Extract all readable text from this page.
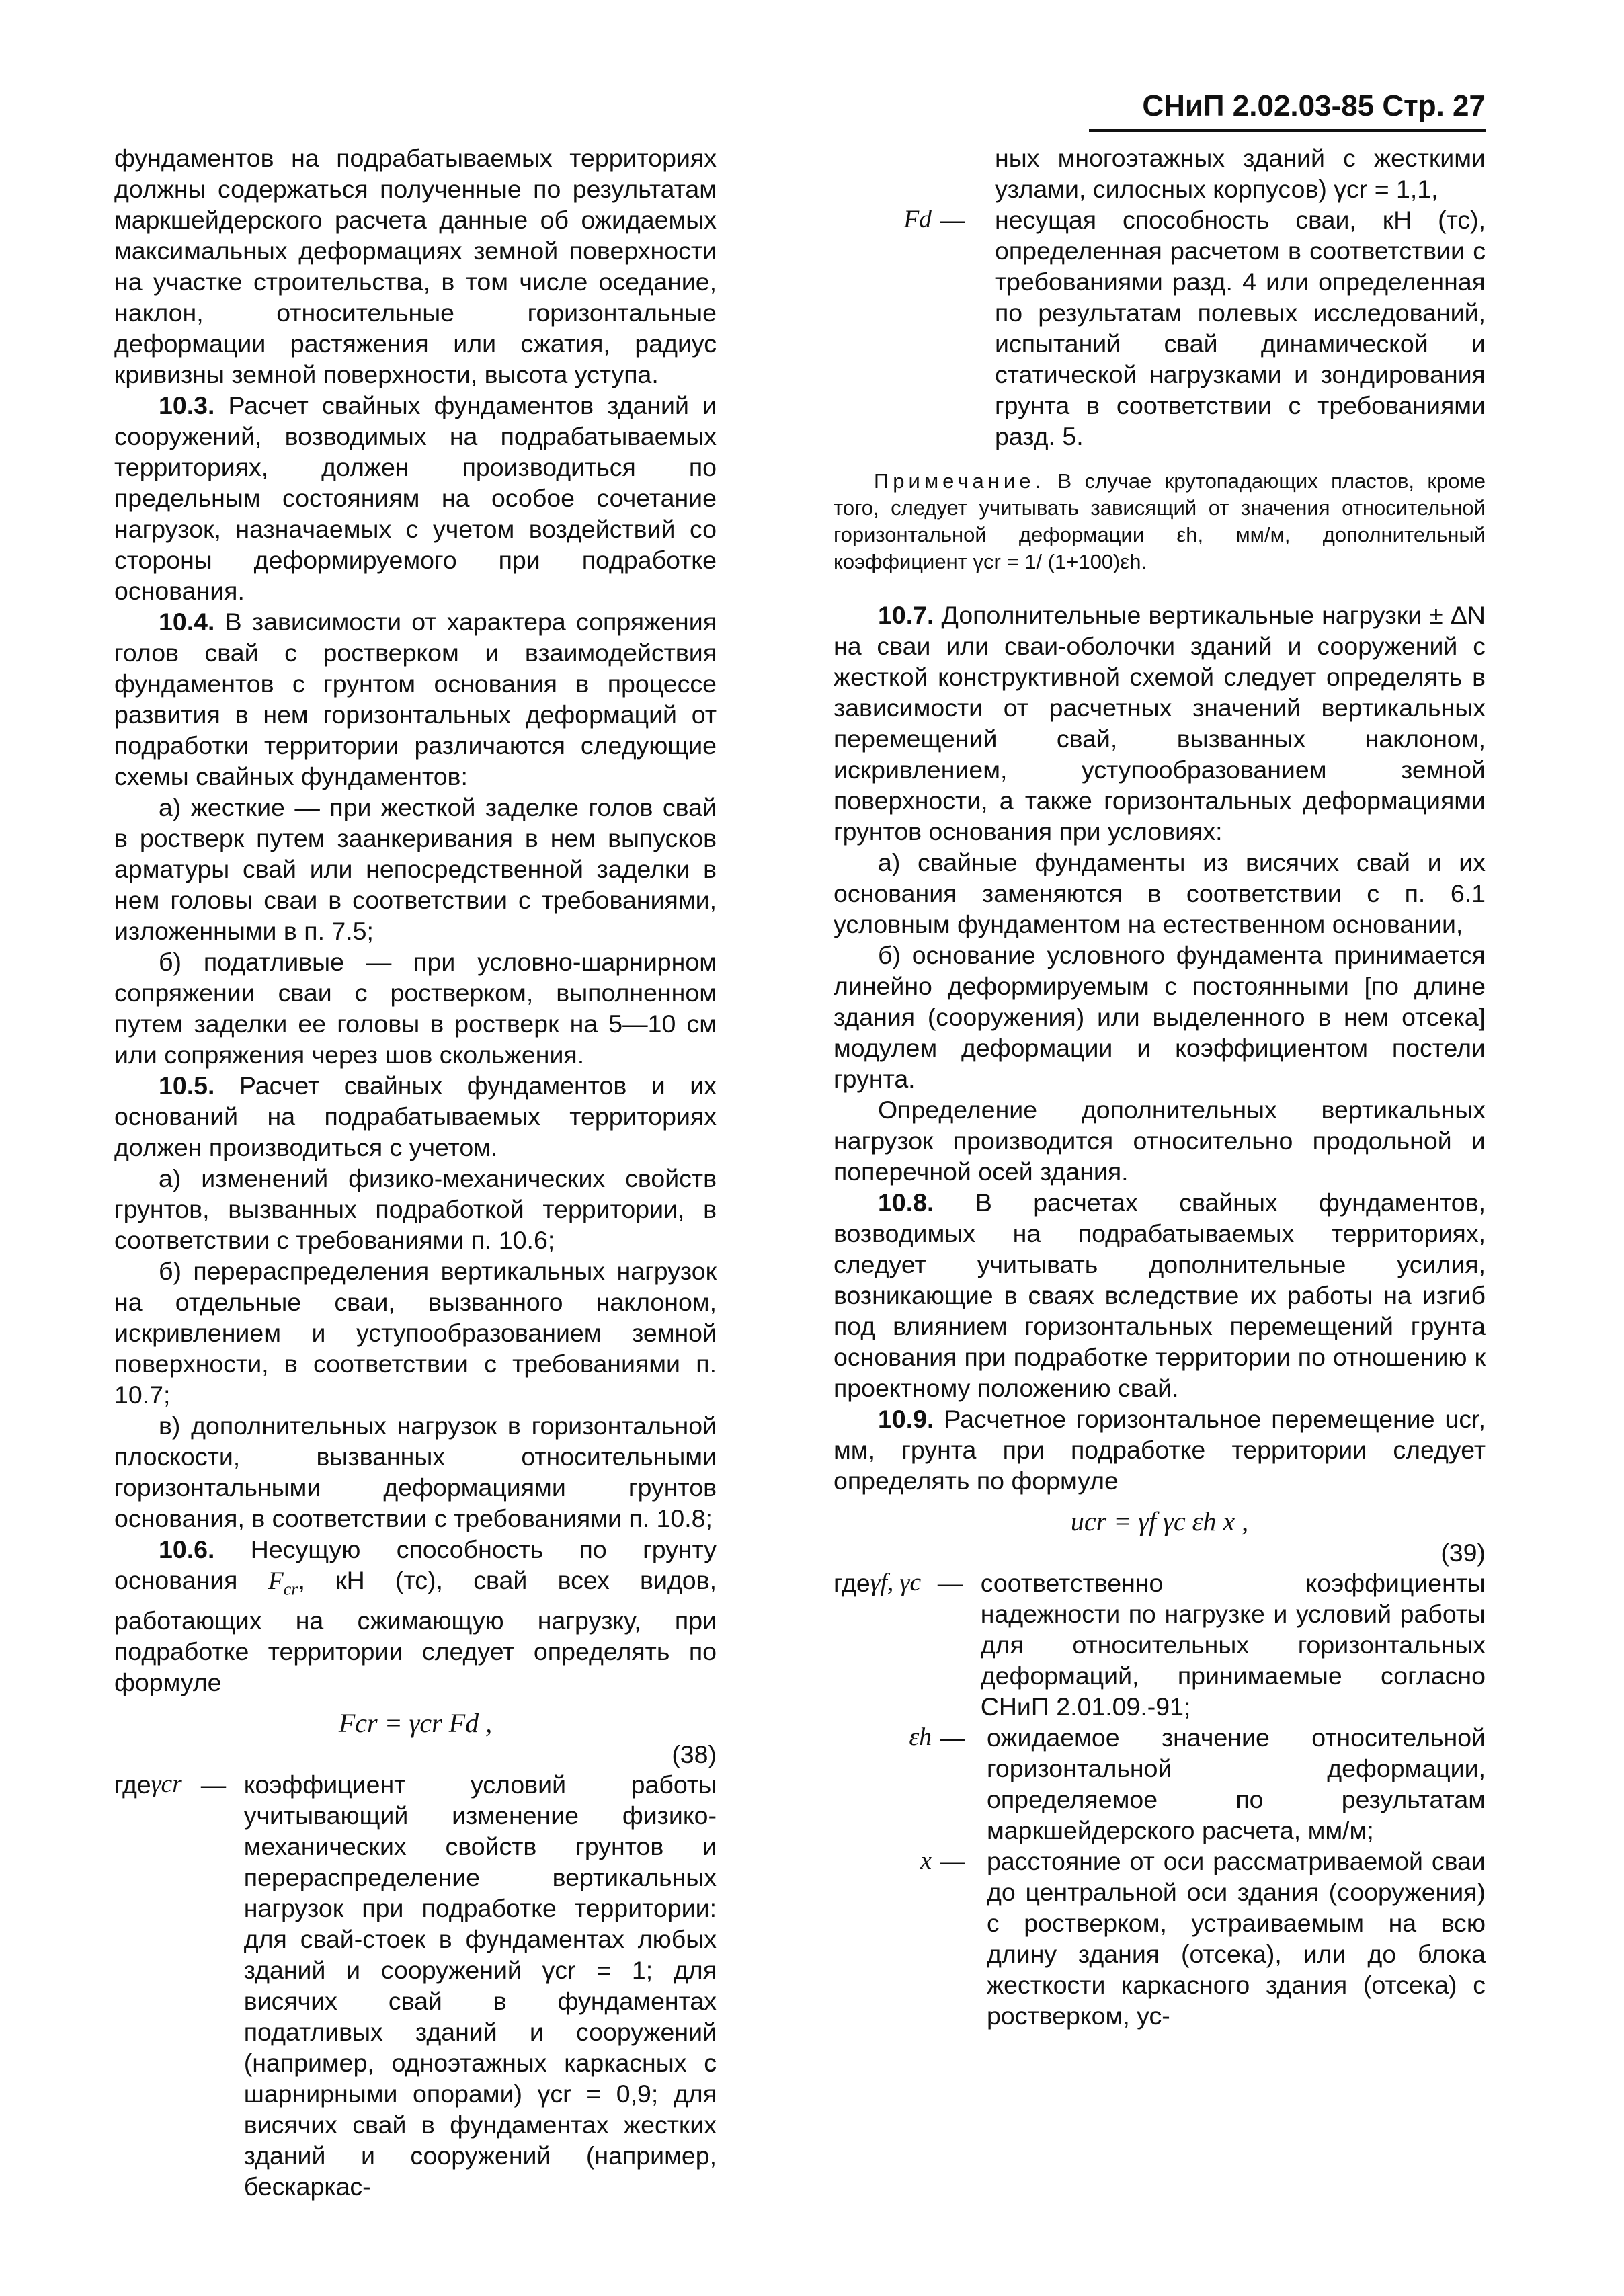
СНиП 2.02.03-85 Стр. 27

фундаментов на подрабатываемых территориях должны содержаться полученные по результатам маркшейдерского расчета данные об ожидаемых максимальных деформациях земной поверхности на участке строительства, в том числе оседание, наклон, относительные горизонтальные деформации растяжения или сжатия, радиус кривизны земной поверхности, высота уступа.

10.3. Расчет свайных фундаментов зданий и сооружений, возводимых на подрабатываемых территориях, должен производиться по предельным состояниям на особое сочетание нагрузок, назначаемых с учетом воздействий со стороны деформируемого при подработке основания.

10.4. В зависимости от характера сопряжения голов свай с ростверком и взаимодействия фундаментов с грунтом основания в процессе развития в нем горизонтальных деформаций от подработки территории различаются следующие схемы свайных фундаментов:

а) жесткие — при жесткой заделке голов свай в ростверк путем заанкеривания в нем выпусков арматуры свай или непосредственной заделки в нем головы сваи в соответствии с требованиями, изложенными в п. 7.5;

б) податливые — при условно-шарнирном сопряжении сваи с ростверком, выполненном путем заделки ее головы в ростверк на 5—10 см или сопряжения через шов скольжения.

10.5. Расчет свайных фундаментов и их оснований на подрабатываемых территориях должен производиться с учетом.

а) изменений физико-механических свойств грунтов, вызванных подработкой территории, в соответствии с требованиями п. 10.6;

б) перераспределения вертикальных нагрузок на отдельные сваи, вызванного наклоном, искривлением и уступообразованием земной поверхности, в соответствии с требованиями п. 10.7;

в) дополнительных нагрузок в горизонтальной плоскости, вызванных относительными горизонтальными деформациями грунтов основания, в соответствии с требованиями п. 10.8;

10.6. Несущую способность по грунту основания $F_{cr}$, кН (тс), свай всех видов, работающих на сжимающую нагрузку, при подработке территории следует определять по формуле

Fcr = γcr Fd ,
(38)
где γcr — коэффициент условий работы учитывающий изменение физико-механических свойств грунтов и перераспределение вертикальных нагрузок при подработке территории: для свай-стоек в фундаментах любых зданий и сооружений γcr = 1; для висячих свай в фундаментах податливых зданий и сооружений (например, одноэтажных каркасных с шарнирными опорами) γcr = 0,9; для висячих свай в фундаментах жестких зданий и сооружений (например, бескаркас-

ных многоэтажных зданий с жесткими узлами, силосных корпусов) γcr = 1,1,

Fd —	несущая способность сваи, кН (тс), определенная расчетом в соответствии с требованиями разд. 4 или определенная по результатам полевых исследований, испытаний свай динамической и статической нагрузками и зондирования грунта в соответствии с требованиями разд. 5.

Примечание. В случае крутопадающих пластов, кроме того, следует учитывать зависящий от значения относительной горизонтальной деформации εh, мм/м, дополнительный коэффициент γcr = 1/ (1+100)εh.

10.7. Дополнительные вертикальные нагрузки ± ΔN на сваи или сваи-оболочки зданий и сооружений с жесткой конструктивной схемой следует определять в зависимости от расчетных значений вертикальных перемещений свай, вызванных наклоном, искривлением, уступообразованием земной поверхности, а также горизонтальных деформациями грунтов основания при условиях:

а) свайные фундаменты из висячих свай и их основания заменяются в соответствии с п. 6.1 условным фундаментом на естественном основании,

б) основание условного фундамента принимается линейно деформируемым с постоянными [по длине здания (сооружения) или выделенного в нем отсека] модулем деформации и коэффициентом постели грунта.

Определение дополнительных вертикальных нагрузок производится относительно продольной и поперечной осей здания.

10.8. В расчетах свайных фундаментов, возводимых на подрабатываемых территориях, следует учитывать дополнительные усилия, возникающие в сваях вследствие их работы на изгиб под влиянием горизонтальных перемещений грунта основания при подработке территории по отношению к проектному положению свай.

10.9. Расчетное горизонтальное перемещение ucr, мм, грунта при подработке территории следует определять по формуле

ucr = γf γc εh x ,
(39)
где γf, γc — соответственно коэффициенты надежности по нагрузке и условий работы для относительных горизонтальных деформаций, принимаемые согласно СНиП 2.01.09.-91;
εh — ожидаемое значение относительной горизонтальной деформации, определяемое по результатам маркшейдерского расчета, мм/м;
x — расстояние от оси рассматриваемой сваи до центральной оси здания (сооружения) с ростверком, устраиваемым на всю длину здания (отсека), или до блока жесткости каркасного здания (отсека) с ростверком, ус-
